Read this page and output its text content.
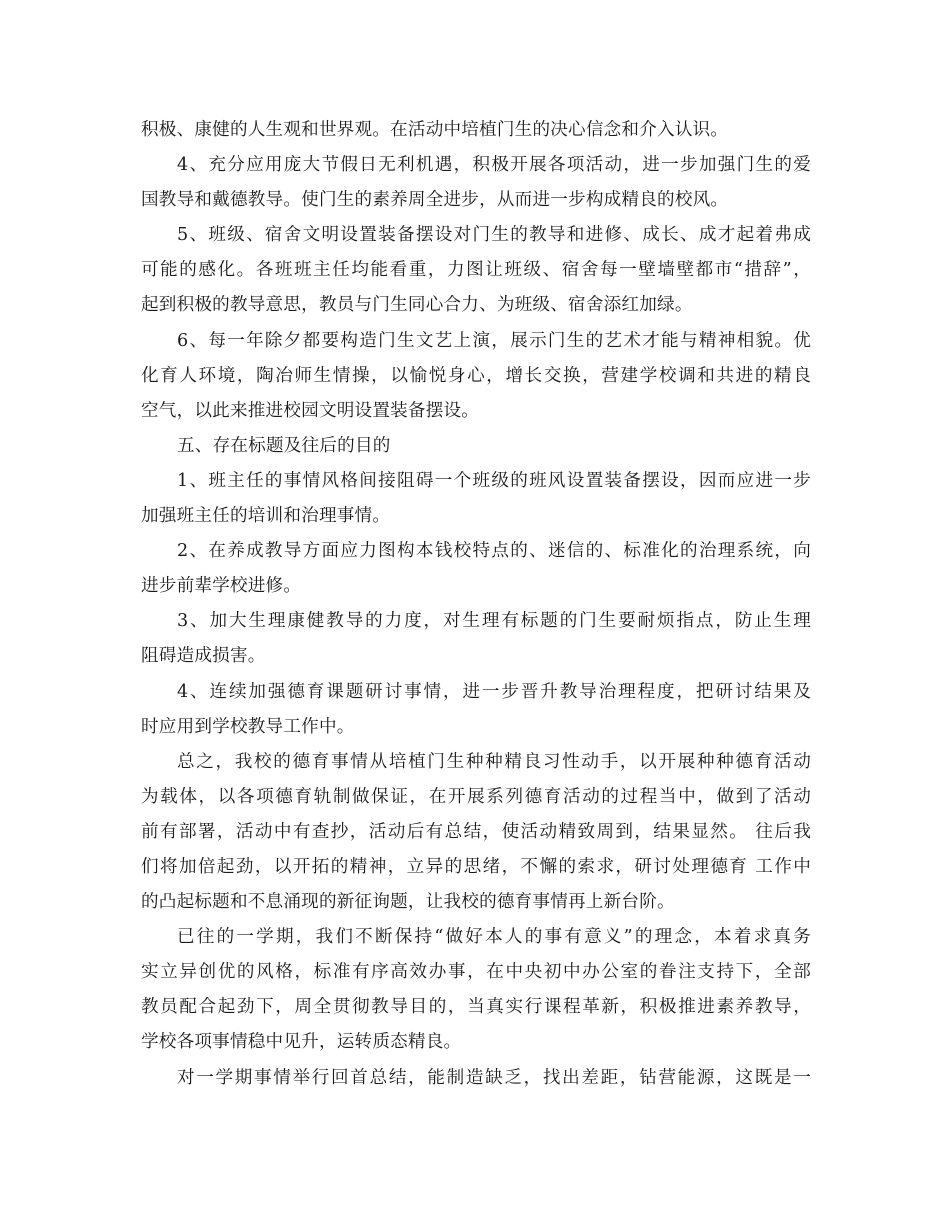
积极、康健的人生观和世界观。在活动中培植门生的决心信念和介入认识。
4、充分应用庞大节假日无利机遇，积极开展各项活动，进一步加强门生的爱
国教导和戴德教导。使门生的素养周全进步，从而进一步构成精良的校风。
5、班级、宿舍文明设置装备摆设对门生的教导和进修、成长、成才起着弗成
可能的感化。各班班主任均能看重，力图让班级、宿舍每一壁墙壁都市“措辞”，
起到积极的教导意思，教员与门生同心合力、为班级、宿舍添红加绿。
6、每一年除夕都要构造门生文艺上演，展示门生的艺术才能与精神相貌。优
化育人环境，陶冶师生情操，以愉悦身心，增长交换，营建学校调和共进的精良
空气，以此来推进校园文明设置装备摆设。
五、存在标题及往后的目的
1、班主任的事情风格间接阻碍一个班级的班风设置装备摆设，因而应进一步
加强班主任的培训和治理事情。
2、在养成教导方面应力图构本钱校特点的、迷信的、标准化的治理系统，向
进步前辈学校进修。
3、加大生理康健教导的力度，对生理有标题的门生要耐烦指点，防止生理
阻碍造成损害。
4、连续加强德育课题研讨事情，进一步晋升教导治理程度，把研讨结果及
时应用到学校教导工作中。
总之，我校的德育事情从培植门生种种精良习性动手，以开展种种德育活动
为载体，以各项德育轨制做保证，在开展系列德育活动的过程当中，做到了活动
前有部署，活动中有查抄，活动后有总结，使活动精致周到，结果显然。 往后我
们将加倍起劲，以开拓的精神，立异的思绪，不懈的索求，研讨处理德育 工作中
的凸起标题和不息涌现的新征询题，让我校的德育事情再上新台阶。
已往的一学期，我们不断保持“做好本人的事有意义”的理念，本着求真务
实立异创优的风格，标准有序高效办事，在中央初中办公室的眷注支持下，全部
教员配合起劲下，周全贯彻教导目的，当真实行课程革新，积极推进素养教导，
学校各项事情稳中见升，运转质态精良。
对一学期事情举行回首总结，能制造缺乏，找出差距，钻营能源，这既是一
